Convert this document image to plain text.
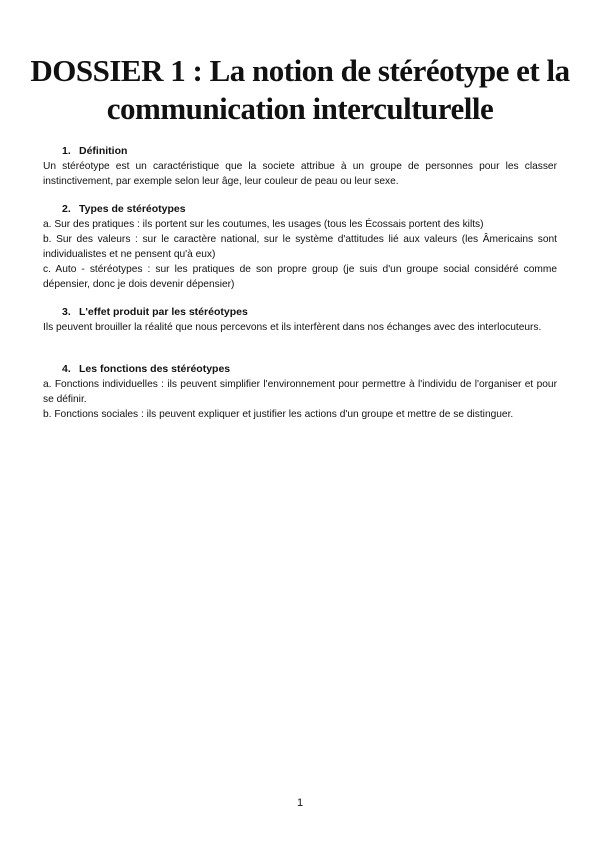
DOSSIER 1 : La notion de stéréotype et la communication interculturelle
1. Définition

Un stéréotype est un caractéristique que la societe attribue à un groupe de personnes pour les classer instinctivement, par exemple selon leur âge, leur couleur de peau ou leur sexe.

2. Types de stéréotypes

a. Sur des pratiques : ils portent sur les coutumes, les usages (tous les Écossais portent des kilts)

b. Sur des valeurs : sur le caractère national, sur le système d'attitudes lié aux valeurs (les Âmericains sont individualistes et ne pensent qu'à eux)

c. Auto - stéréotypes : sur les pratiques de son propre group (je suis d'un groupe social considéré comme dépensier, donc je dois devenir dépensier)

3. L'effet produit par les stéréotypes

Ils peuvent brouiller la réalité que nous percevons et ils interfèrent dans nos échanges avec des interlocuteurs.

4. Les fonctions des stéréotypes

a. Fonctions individuelles : ils peuvent simplifier l'environnement pour permettre à l'individu de l'organiser et pour se définir.

b. Fonctions sociales : ils peuvent expliquer et justifier les actions d'un groupe et mettre de se distinguer.

1
